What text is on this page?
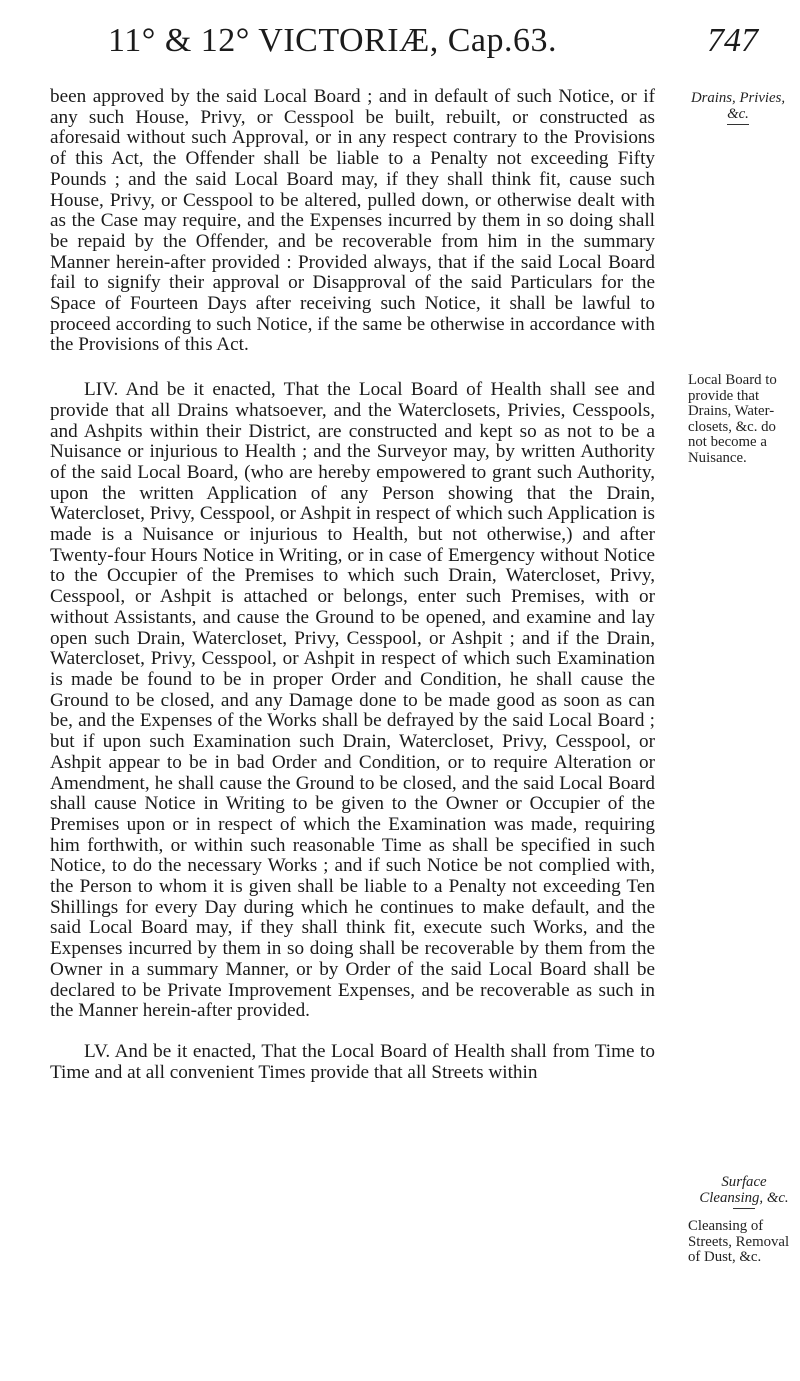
11° & 12° VICTORIÆ, Cap.63.	747

been approved by the said Local Board ; and in default of such Notice, or if any such House, Privy, or Cesspool be built, rebuilt, or constructed as aforesaid without such Approval, or in any respect contrary to the Provisions of this Act, the Offender shall be liable to a Penalty not exceeding Fifty Pounds ; and the said Local Board may, if they shall think fit, cause such House, Privy, or Cesspool to be altered, pulled down, or otherwise dealt with as the Case may require, and the Expenses incurred by them in so doing shall be repaid by the Offender, and be recoverable from him in the summary Manner herein-after provided : Provided always, that if the said Local Board fail to signify their approval or Disapproval of the said Particulars for the Space of Fourteen Days after receiving such Notice, it shall be lawful to proceed according to such Notice, if the same be otherwise in accordance with the Provisions of this Act.

LIV. And be it enacted, That the Local Board of Health shall see and provide that all Drains whatsoever, and the Waterclosets, Privies, Cesspools, and Ashpits within their District, are constructed and kept so as not to be a Nuisance or injurious to Health ; and the Surveyor may, by written Authority of the said Local Board, (who are hereby empowered to grant such Authority, upon the written Application of any Person showing that the Drain, Watercloset, Privy, Cesspool, or Ashpit in respect of which such Application is made is a Nuisance or injurious to Health, but not otherwise,) and after Twenty-four Hours Notice in Writing, or in case of Emergency without Notice to the Occupier of the Premises to which such Drain, Watercloset, Privy, Cesspool, or Ashpit is attached or belongs, enter such Premises, with or without Assistants, and cause the Ground to be opened, and examine and lay open such Drain, Watercloset, Privy, Cesspool, or Ashpit ; and if the Drain, Watercloset, Privy, Cesspool, or Ashpit in respect of which such Examination is made be found to be in proper Order and Condition, he shall cause the Ground to be closed, and any Damage done to be made good as soon as can be, and the Expenses of the Works shall be defrayed by the said Local Board ; but if upon such Examination such Drain, Watercloset, Privy, Cesspool, or Ashpit appear to be in bad Order and Condition, or to require Alteration or Amendment, he shall cause the Ground to be closed, and the said Local Board shall cause Notice in Writing to be given to the Owner or Occupier of the Premises upon or in respect of which the Examination was made, requiring him forthwith, or within such reasonable Time as shall be specified in such Notice, to do the necessary Works ; and if such Notice be not complied with, the Person to whom it is given shall be liable to a Penalty not exceeding Ten Shillings for every Day during which he continues to make default, and the said Local Board may, if they shall think fit, execute such Works, and the Expenses incurred by them in so doing shall be recoverable by them from the Owner in a summary Manner, or by Order of the said Local Board shall be declared to be Private Improvement Expenses, and be recoverable as such in the Manner herein-after provided.

LV. And be it enacted, That the Local Board of Health shall from Time to Time and at all convenient Times provide that all Streets within

Drains, Privies, &c.
Local Board to provide that Drains, Water-closets, &c. do not become a Nuisance.
Surface Cleansing, &c.
Cleansing of Streets, Removal of Dust, &c.
